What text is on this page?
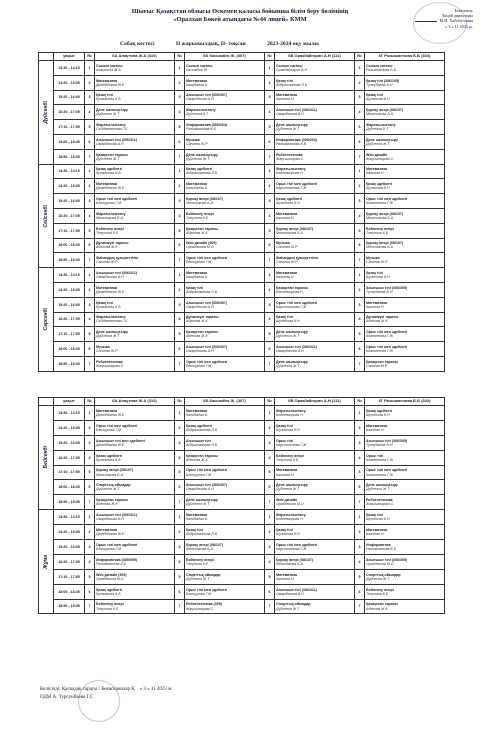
Бекітемін:
Лицей директоры
М.Н. Хабибуллина
« 3 » 11 2023 ж.
Шығыс Қазақстан облысы Өскемен қаласы бойынша білім беру бөлімінің
«Оралхан Бөкей атындағы №44 лицей» КММ
Сабақ кестесі	II жарыжылдық, II- тоқсан	2023-2024 оқу жылы
	уақыт	№	6А Алаутина Ж.А (310)	№	6Б Касымбек Ж. (307)	№	6В Оразбайгорин А.Н (111)	№	6Г Разыжменова Б.Б (303)

Дүйсенбі	13:30 - 14:15	1	Сынып сағаты
Алаутина Ж.А	1	Сынып сағаты
Касымбек Ж.	1	Сынып сағаты
Оразбайгорин А.Н	1	Сынып сағаты
Разыжменова Б.Б

	14:20 - 15:05	2	Математика
Демедбаева Ж.Е	2	Математика
Калибаева Б.	2	Қазақ тілі
Абдрахманова Л.Б	2	Қазақ тілі (306/105)
Тулеубаева А.Н

	15:20 - 16:05	3	Қазақ тілі
Кулжанова К.А	3	Ағылшын тілі (306/307)
Омарбекова А.Н	3	Математика
Калиева Н.	3	Қазақ тілі
Шуленова К.Н

	16:20 - 17:05	4	Дене шынықтыру
Дүйсенов Ж.Т	4	Жаратылыстану
Дүйсенов К.Т	4	Ағылшын тілі (306/311)
Омарбекова А.Н	4	Қорғау өнері (08/107)
Мельникова А.А

	17:10 - 17:55	5	Жаратылыстану
Сейдахметова Г.Б	5	Информатика (309/204)
Рахымжанова К.Б	5	Дене шынықтыру
Дүйсенов Ж.Т	5	Жаратылыстану
Дүйсенов К.Т

	18:00 - 18:45	6	Ағылшын тілі (306/311)
Омарбекова А.Н	6	Музыка
Сағиева Ж.Р	6	Информатика (309/204)
Рахымжанова К.Б	6	Дене шынықтыру
Дүйсенов Ж.Т

	18:50 - 19:35	7	Қазақстан тарихы
Дүйсенов Ж.Т	7	Дене шынықтыру
Дүйсенов Ж.Т	7	Робототехника
Жақсылықова С.	7	Web дизайн
Жақсылықова С.

Сейсенбі	13:30 - 14:15	1	Қазақ әдебиеті
Кулжанова К.А	1	Қазақ әдебиеті
Абдрахманова Л.Б	1	Жаратылыстану
Бектемирова Н.	1	Математика
Калиева Н.

	14:20 - 15:05	2	Математика
Демедбаева Ж.Е	2	Математика
Калибаева Б.	2	Орыс тілі мен әдебиеті
Карыншинова Г.Ж	2	Қазақ әдебиеті
Шуленова К.Н

	15:20 - 16:05	3	Орыс тілі мен әдебиеті
Бектурова Г.М	3	Қорғау өнері (08/107)
Мельникова Б.А	3	Қазақ әдебиеті
Шуленова К.Н	3	Орыс тілі мен әдебиеті
Кожекенова Г.Ж

	16:20 - 17:05	4	Жаратылыстану
Мельникова Б.А	4	Бейнелеу өнері
Тлеулина К.Е	4	Математика
Калиева Н.	4	Қорғау өнері (08/107)
Мельникова Б.А

	17:10 - 17:55	5	Бейнелеу өнері
Тлеулина К.Е	5	Қазақстан тарихы
Абенова Ж.К	5	Қорғау өнері (08/107)
Мельникова Б.А	5	Бейнелеу өнері
Тлеулина К.Е

	18:00 - 18:45	6	Дүниежүзі тарихы
Абенова Ж.К	6	Web дизайн (309)
Оразбекова М.О	6	Музыка
Сағиева Ж.Р	6	Қорғау өнері (08/107)
Мельникова Б.А

	18:50 - 19:35	7	Жаһандық құзыреттілік
Сағиева Ж.Р	7	Орыс тілі мен әдебиеті
Бектурова Г.М	7	Жаһандық құзыреттілік
Сағиева Ж.Р	7	Музыка
Сағиева Ж.Р

Сәрсенбі	13:30 - 14:15	1	Ағылшын тілі (306/311)
Омарбекова А.Н	1	Математика
Калибаева Б.	1	Математика
Калиева Н.	1	Қазақ тілі
Шуленова К.Н

	14:20 - 15:05	2	Математика
Демедбаева Ж.Е	2	Қазақ тілі
Абдрахманова Л.Б	2	Қазақстан тарихы
Бектемирова Н.	2	Ағылшын тілі (306/305)
Тулеубаева А.Н

	15:20 - 16:05	3	Қазақ тілі
Кулжанова К.А	3	Ағылшын тілі (306/307)
Омарбекова А.Н	3	Орыс тілі мен әдебиеті
Карыншинова Г.Ж	3	Математика
Калиева Н.

	16:20 - 17:05	4	Жаратылыстану
Сейдахметова Г.Б	4	Дүниежүзі тарихы
Абенова Ж.К	4	Қазақ тілі
Шуленова К.Н	4	Дүниежүзі тарихы
Абенова Ж.К

	17:10 - 17:55	5	Дене шынықтыру
Дүйсенов Ж.Т	5	Қазақстан тарихы
Абенова Ж.К	5	Дене шынықтыру
Дүйсенов Ж.Т	5	Орыс тілі мен әдебиеті
Кожекенова Г.Ж

	18:00 - 18:45	6	Музыка
Сағиева Ж.Р	6	Ағылшын тілі (306/307)
Омарбекова А.Н	6	Ағылшын тілі (306/311)
Омарбекова А.Н	6	Орыс тілі мен әдебиеті
Кожекенова Г.Ж

	18:50 - 19:35	7	Робототехника
Жақсылықова С.	7	Орыс тілі мен әдебиеті
Бектурова Г.М	7	Дене шынықтыру
Дүйсенов Ж.Т	7	Қазақстан тарихы
Сағиева М.Е
	уақыт	№	6А Алаутина Ж.А (310)	№	6Б Касымбек Ж. (307)	№	6В Оразбайгорин А.Н (111)	№	6Г Разыжменова Б.Б (303)

Бейсенбі	13:30 - 14:15	1	Математика
Демедбаева Ж.Е	1	Математика
Калибаева Б.	1	Жаратылыстану
Бектемирова Н.	1	Қазақ әдебиеті
Шуленова К.Н

	14:20 - 15:05	2	Орыс тілі мен әдебиеті
Бектурова Г.М	2	Қазақ әдебиеті
Абдрахманова Л.Б	2	Қазақ тілі
Шуленова К.Н	2	Математика
Калиева Н.

	15:20 - 16:05	3	Ағылшын тілі мен әдебиеті
Демедбаева Ж.Е	3	Ағылшын тілі
Абдрахманова Л.Б	3	Орыс тілі
Карыншинова Г.Ж	3	Ағылшын тілі (306/305)
Тулеубаева А.Н

	16:20 - 17:05	4	Қазақ әдебиеті
Кулжанова К.А	4	Қазақстан тарихы
Абенова Ж.К	4	Бейнелеу өнері
Тлеулина К.Е	4	Орыс тілі
Кожекенова Г.Ж

	17:10 - 17:55	5	Қорғау өнері (08/107)
Мельникова Б.А	5	Орыс тілі мен әдебиеті
Бектурова Г.М	5	Математика
Калиева Н.	5	Орыс тілі мен әдебиеті
Кожекенова Г.Ж

	18:00 - 18:45	6	Спорттық ойындар
Дүйсенов Ж.Т	6	Ағылшын тілі (306/307)
Омарбекова А.Н	6	Дене шынықтыру
Дүйсенов Ж.Т	6	Дене шынықтыру
Дүйсенов Ж.Т

	18:50 - 19:35	7	Қазақстан тарихы
Абенова Ж.К	7	Дене шынықтыру
Дүйсенов Ж.Т	7	Web дизайн
Оразбекова М.О	7	Робототехника
Жақсылықова С.

Жұма	13:30 - 14:15	1	Ағылшын тілі (306/311)
Омарбекова А.Н	1	Математика
Калибаева Б.	1	Жаратылыстану
Бектемирова Н.	1	Қазақ тілі
Шуленова К.Н

	14:20 - 15:05	2	Математика
Демедбаева Ж.Е	2	Қазақ тілі
Абдрахманова Л.Б	2	Қазақ тілі
Шуленова К.Н	2	Математика
Калиева Н.

	15:20 - 16:05	3	Орыс тілі мен әдебиеті
Бектурова Г.М	3	Қорғау өнері (08/107)
Мельникова Б.А	3	Орыс тілі мен әдебиеті
Карыншинова Г.Ж	3	Информатика
Рахымжанова К.Б

	16:20 - 17:05	4	Информатика (309/309)
Рахымжанова К.Б	4	Бейнелеу өнері
Тлеулина К.Е	4	Қорғау өнері (08/107)
Мельникова Б.А	4	Ағылшын тілі (306/305)
Оразбекова М.О

	17:10 - 17:55	5	Web дизайн (309)
Оразбекова М.О	5	Спорттық ойындар
Дүйсенов Ж.Т	5	Математика
Калиева Н.	5	Спорттық ойындар
Дүйсенов Ж.Т

	18:00 - 18:45	6	Қазақ әдебиеті
Кулжанова К.А	6	Орыс тілі мен әдебиеті
Бектурова Г.М	6	Ағылшын тілі (306/311)
Омарбекова А.Н	6	Бейнелеу өнері
Тлеулина К.Е

	18:50 - 19:35	7	Бейнелеу өнері
Тлеулина К.Е	7	Робототехника (309)
Жақсылықова С.	7	Спорттық ойындар
Дүйсенов Ж.Т	7	Қазақстан тарихы
Абенова Ж.К
Келісілді: Қаскадақ тарауы / Бекасканалар Қ « 3 » 11 2023 ж
ОДМ А. Турсунбаева Г.С
